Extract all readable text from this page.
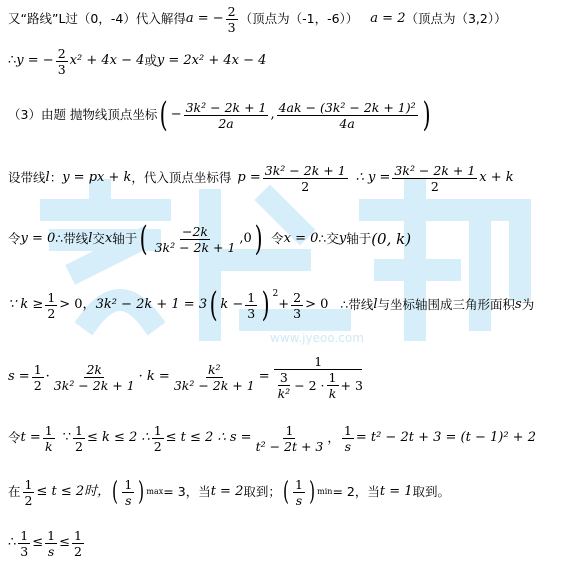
www.jyeoo.com
又“路线”L过（0，-4）代入解得 a = − $\frac{2}{3}$ （顶点为（-1，-6）） a = 2 （顶点为（3,2））
∴ y = − $\frac{2}{3} x^2 + 4x - 4$ 或 y = 2x² + 4x − 4
（3）由题 抛物线顶点坐标 ( − $\frac{\text{3k² − 2k + 1}}{2a}$ , $\frac{\text{4ak − (3k² − 2k + 1)²}}{4a}$ )
设带线 l ： y = px + k ，代入顶点坐标得 $p = \frac{\text{3k² − 2k + 1}}{2}$ ∴ $y = \frac{\text{3k² − 2k + 1}}{2}$ x + k
令 y = 0 ∴带线 l 交 x 轴于 ( $\frac{-2k}{\text{3k² − 2k + 1}} ,0$ ) 令 x = 0 ∴交 y 轴于 (0, k)
∵ $k \ge \frac{1}{2} > 0$， 3k² − 2k + 1 = 3 ( $k - \frac{1}{3}$ ) 2
+ $\frac{2}{3} > 0$ ∴带线 l 与坐标轴围成三角形面积 s 为
$s = \frac{1}{2} \cdot \frac{2k}{\text{3k² − 2k + 1}} \cdot k = \frac{\text{k²}}{\text{3k² − 2k + 1}} = \frac{1}{\frac{3}{\text{k²}} - 2 \cdot \frac{1}{k} + 3}$
令 $t = \frac{1}{k}$ ∵ $\frac{1}{2} \le k \le 2$ ∴ $\frac{1}{2} \le t \le 2$ ∴ $s = \frac{1}{\text{t² − 2t + 3}}$ ， $\frac{1}{s} = t^2 - 2t + 3 = (t - 1)^2 + 2$
在 $\frac{1}{2} \le t \le 2$时， ( $\frac{1}{s}$ ) max = 3，当 t = 2 取到； ( $\frac{1}{s}$ ) min = 2，当 t = 1 取到。
∴ $\frac{1}{3} \le \frac{1}{s} \le \frac{1}{2}$
